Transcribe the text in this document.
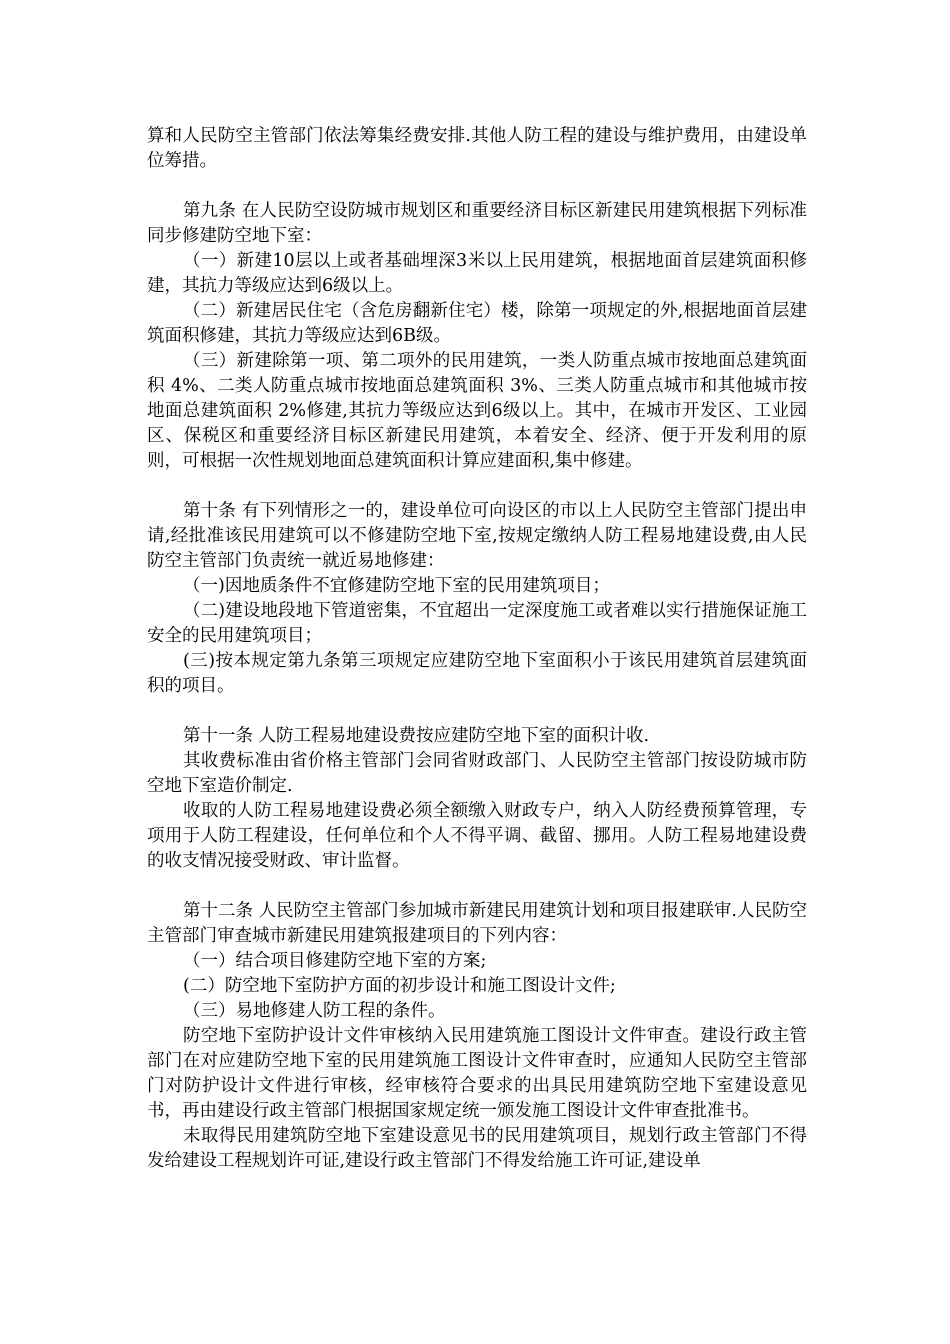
算和人民防空主管部门依法筹集经费安排.其他人防工程的建设与维护费用，由建设单位筹措。

第九条 在人民防空设防城市规划区和重要经济目标区新建民用建筑根据下列标准同步修建防空地下室：

（一）新建10层以上或者基础埋深3米以上民用建筑，根据地面首层建筑面积修建，其抗力等级应达到6级以上。

（二）新建居民住宅（含危房翻新住宅）楼，除第一项规定的外,根据地面首层建筑面积修建，其抗力等级应达到6B级。

（三）新建除第一项、第二项外的民用建筑，一类人防重点城市按地面总建筑面积 4%、二类人防重点城市按地面总建筑面积 3%、三类人防重点城市和其他城市按地面总建筑面积 2%修建,其抗力等级应达到6级以上。其中，在城市开发区、工业园区、保税区和重要经济目标区新建民用建筑，本着安全、经济、便于开发利用的原则，可根据一次性规划地面总建筑面积计算应建面积,集中修建。

第十条 有下列情形之一的，建设单位可向设区的市以上人民防空主管部门提出申请,经批准该民用建筑可以不修建防空地下室,按规定缴纳人防工程易地建设费,由人民防空主管部门负责统一就近易地修建：

（一)因地质条件不宜修建防空地下室的民用建筑项目；

（二)建设地段地下管道密集，不宜超出一定深度施工或者难以实行措施保证施工安全的民用建筑项目；

(三)按本规定第九条第三项规定应建防空地下室面积小于该民用建筑首层建筑面积的项目。

第十一条 人防工程易地建设费按应建防空地下室的面积计收.

其收费标准由省价格主管部门会同省财政部门、人民防空主管部门按设防城市防空地下室造价制定.

收取的人防工程易地建设费必须全额缴入财政专户，纳入人防经费预算管理，专项用于人防工程建设，任何单位和个人不得平调、截留、挪用。人防工程易地建设费的收支情况接受财政、审计监督。

第十二条 人民防空主管部门参加城市新建民用建筑计划和项目报建联审.人民防空主管部门审查城市新建民用建筑报建项目的下列内容：

（一）结合项目修建防空地下室的方案;

(二）防空地下室防护方面的初步设计和施工图设计文件;

（三）易地修建人防工程的条件。

防空地下室防护设计文件审核纳入民用建筑施工图设计文件审查。建设行政主管部门在对应建防空地下室的民用建筑施工图设计文件审查时，应通知人民防空主管部门对防护设计文件进行审核，经审核符合要求的出具民用建筑防空地下室建设意见书，再由建设行政主管部门根据国家规定统一颁发施工图设计文件审查批准书。

未取得民用建筑防空地下室建设意见书的民用建筑项目，规划行政主管部门不得发给建设工程规划许可证,建设行政主管部门不得发给施工许可证,建设单
